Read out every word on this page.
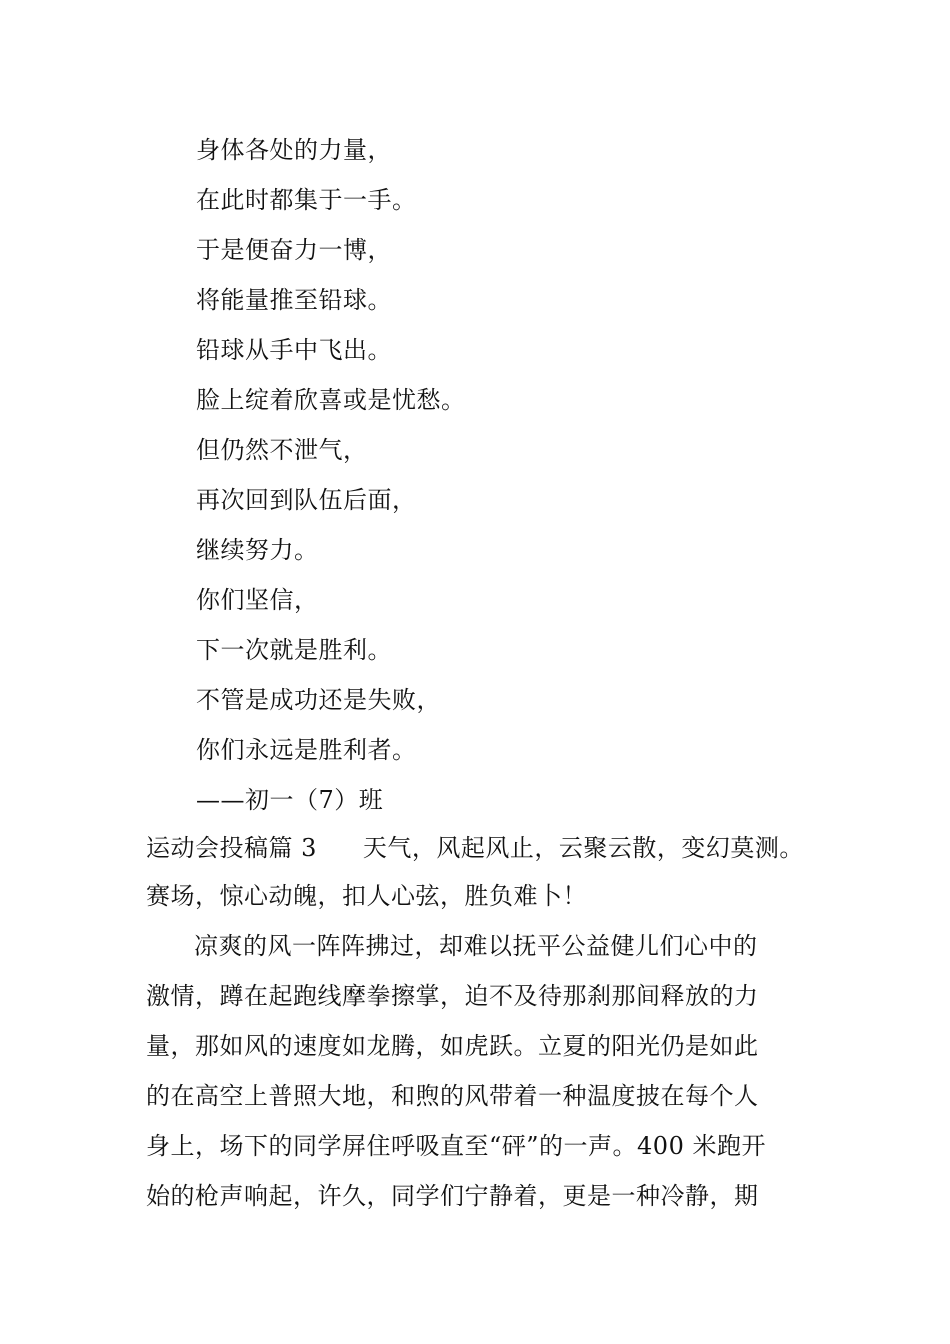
身体各处的力量，
在此时都集于一手。
于是便奋力一博，
将能量推至铅球。
铅球从手中飞出。
脸上绽着欣喜或是忧愁。
但仍然不泄气，
再次回到队伍后面，
继续努力。
你们坚信，
下一次就是胜利。
不管是成功还是失败，
你们永远是胜利者。
——初一（7）班
运动会投稿篇 3 天气，风起风止，云聚云散，变幻莫测。
赛场，惊心动魄，扣人心弦，胜负难卜！
凉爽的风一阵阵拂过，却难以抚平公益健儿们心中的
激情，蹲在起跑线摩拳擦掌，迫不及待那刹那间释放的力
量，那如风的速度如龙腾，如虎跃。立夏的阳光仍是如此
的在高空上普照大地，和煦的风带着一种温度披在每个人
身上，场下的同学屏住呼吸直至“砰”的一声。400 米跑开
始的枪声响起，许久，同学们宁静着，更是一种冷静，期
